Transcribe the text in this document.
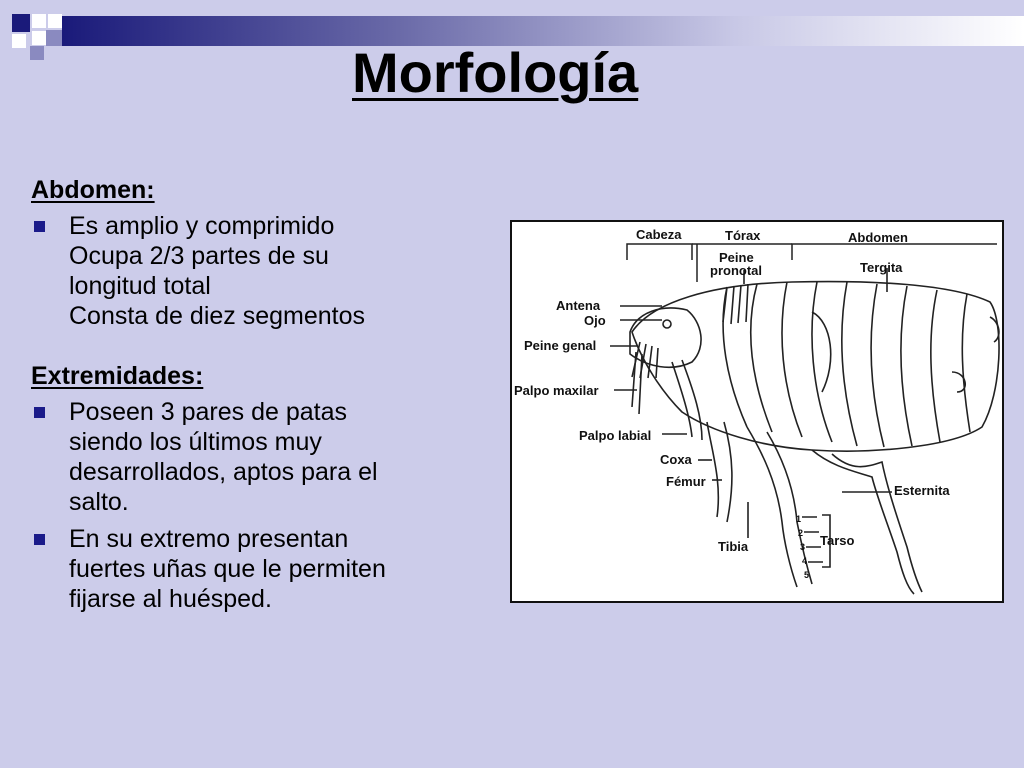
Morfología
Abdomen:
Es amplio y comprimido
Ocupa 2/3 partes de su
longitud total
Consta de diez segmentos
Extremidades:
Poseen 3 pares de patas
siendo los últimos muy
desarrollados, aptos para el
salto.
En su extremo presentan
fuertes uñas que le permiten
fijarse al huésped.
Cabeza	Tórax	Abdomen
Peine
pronotal	Tergita
Antena
Ojo
Peine genal
Palpo maxilar
Palpo labial
Coxa
Fémur
Esternita
Tarso
Tibia
1
2
3
4
5
